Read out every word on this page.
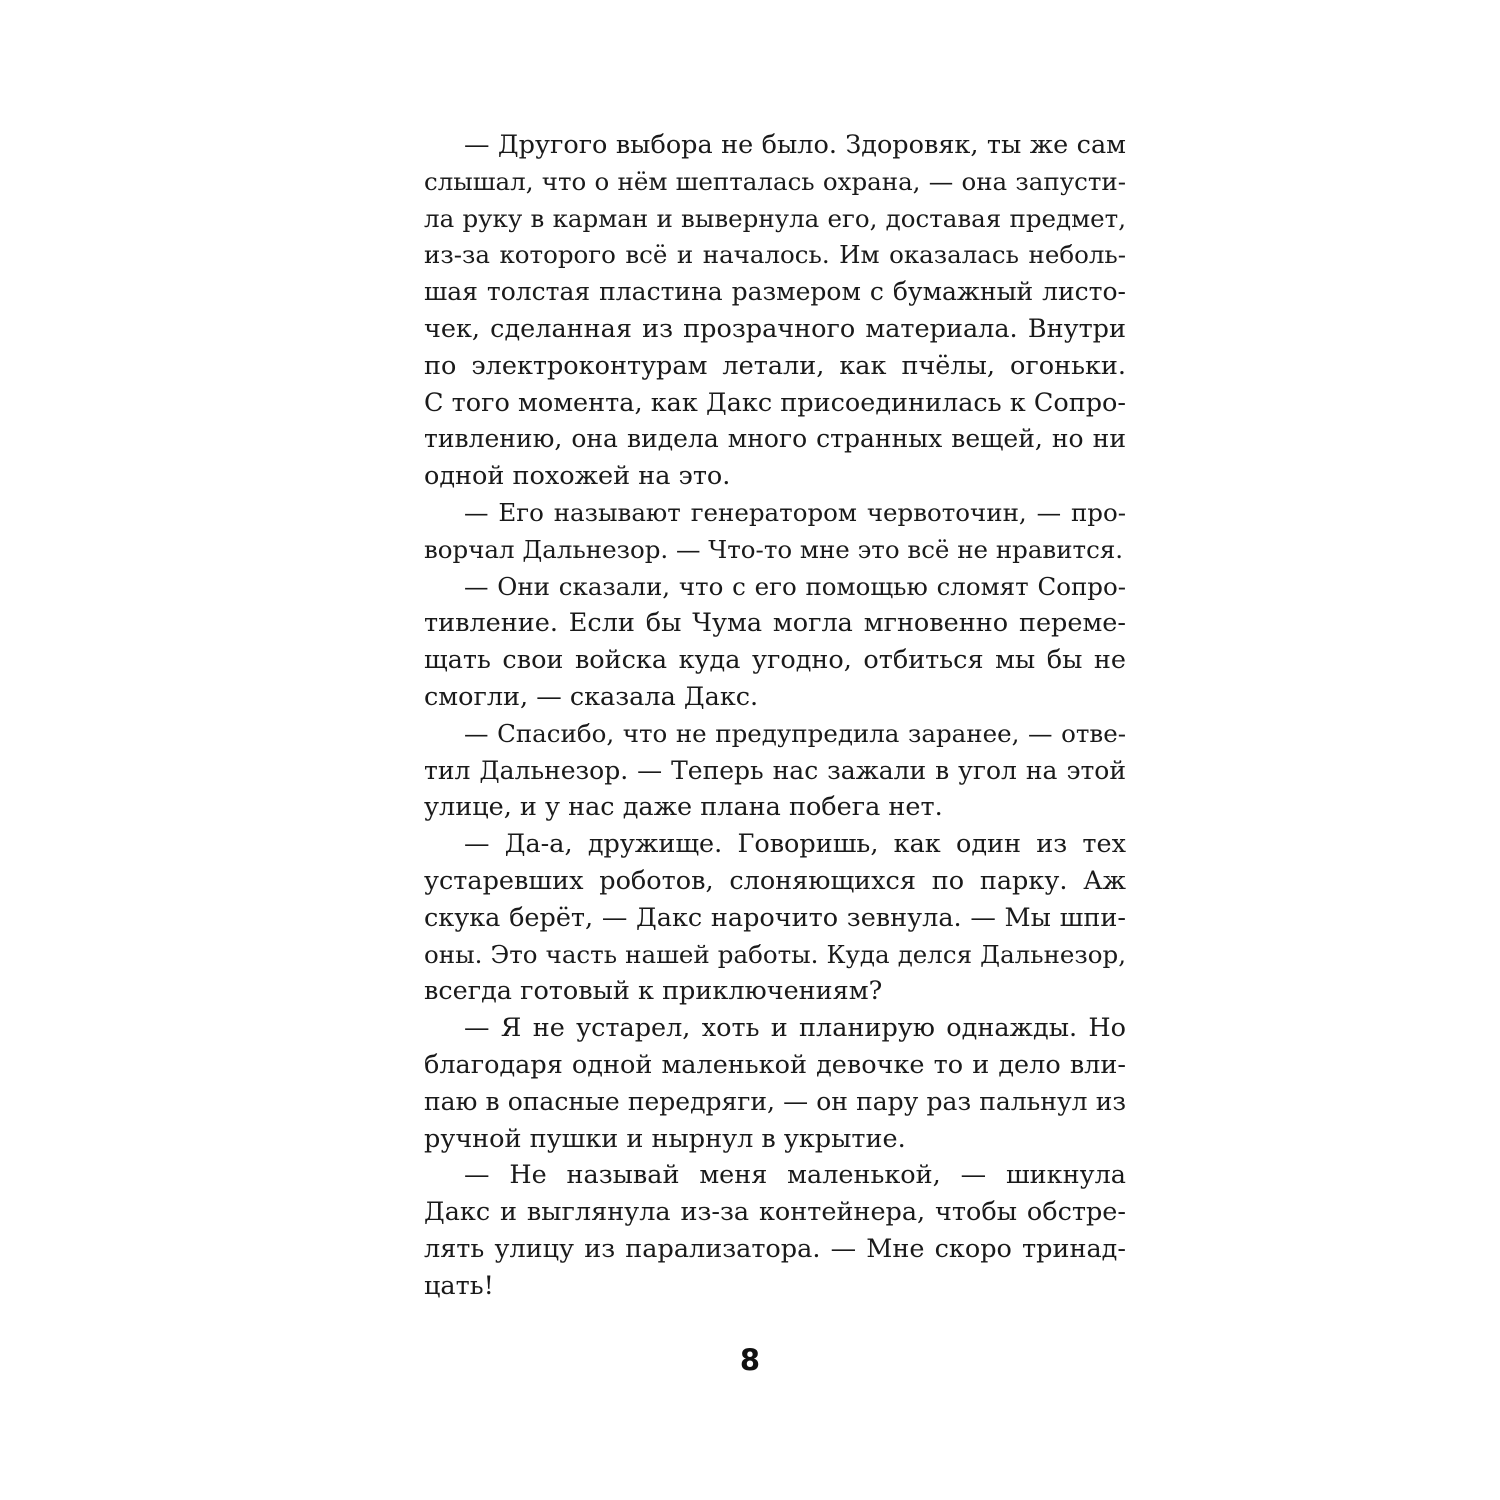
— Другого выбора не было. Здоровяк, ты же сам
слышал, что о нём шепталась охрана, — она запусти-
ла руку в карман и вывернула его, доставая предмет,
из-за которого всё и началось. Им оказалась неболь-
шая толстая пластина размером с бумажный листо-
чек, сделанная из прозрачного материала. Внутри
по электроконтурам летали, как пчёлы, огоньки.
С того момента, как Дакс присоединилась к Сопро-
тивлению, она видела много странных вещей, но ни
одной похожей на это.
— Его называют генератором червоточин, — про-
ворчал Дальнезор. — Что-то мне это всё не нравится.
— Они сказали, что с его помощью сломят Сопро-
тивление. Если бы Чума могла мгновенно переме-
щать свои войска куда угодно, отбиться мы бы не
смогли, — сказала Дакс.
— Спасибо, что не предупредила заранее, — отве-
тил Дальнезор. — Теперь нас зажали в угол на этой
улице, и у нас даже плана побега нет.
— Да-а, дружище. Говоришь, как один из тех
устаревших роботов, слоняющихся по парку. Аж
скука берёт, — Дакс нарочито зевнула. — Мы шпи-
оны. Это часть нашей работы. Куда делся Дальнезор,
всегда готовый к приключениям?
— Я не устарел, хоть и планирую однажды. Но
благодаря одной маленькой девочке то и дело вли-
паю в опасные передряги, — он пару раз пальнул из
ручной пушки и нырнул в укрытие.
— Не называй меня маленькой, — шикнула
Дакс и выглянула из-за контейнера, чтобы обстре-
лять улицу из парализатора. — Мне скоро тринад-
цать!
8
